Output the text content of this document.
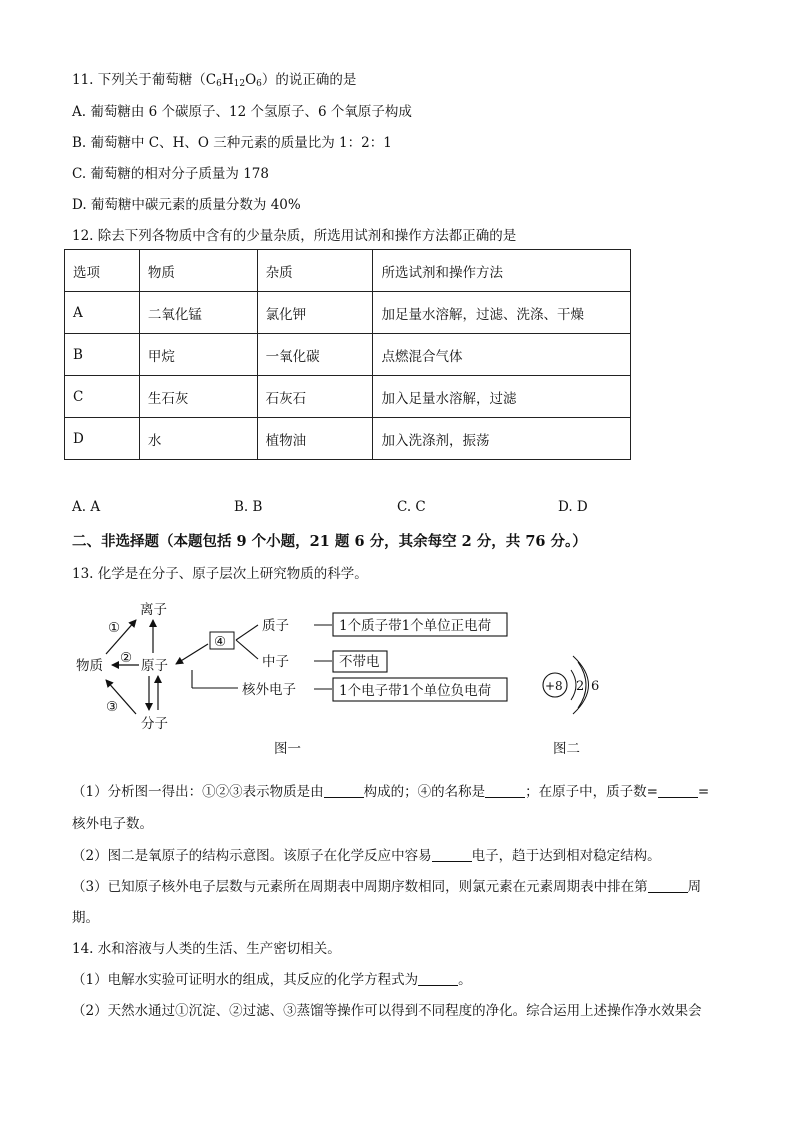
11. 下列关于葡萄糖$(C_6H_{12}O_6)$的说正确的是
A. 葡萄糖由 6 个碳原子、12 个氢原子、6 个氧原子构成
B. 葡萄糖中 C、H、O 三种元素的质量比为 1：2：1
C. 葡萄糖的相对分子质量为 178
D. 葡萄糖中碳元素的质量分数为 40%
12. 除去下列各物质中含有的少量杂质，所选用试剂和操作方法都正确的是
选项	物质	杂质	所选试剂和操作方法
A	二氧化锰	氯化钾	加足量水溶解，过滤、洗涤、干燥
B	甲烷	一氧化碳	点燃混合气体
C	生石灰	石灰石	加入足量水溶解，过滤
D	水	植物油	加入洗涤剂，振荡
A. A	B. B	C. C	D. D
二、非选择题（本题包括 9 个小题，21 题 6 分，其余每空 2 分，共 76 分。）
13. 化学是在分子、原子层次上研究物质的科学。
离子
物质	原子
分子
①
②
③
④
质子
中子
核外电子
1个质子带1个单位正电荷
不带电
1个电子带1个单位负电荷
图一
+8 2 6
图二
（1）分析图一得出：①②③表示物质是由	构成的；④的名称是	；在原子中，质子数=	=
核外电子数。
（2）图二是氧原子的结构示意图。该原子在化学反应中容易	电子，趋于达到相对稳定结构。
（3）已知原子核外电子层数与元素所在周期表中周期序数相同，则氯元素在元素周期表中排在第	周
期。
14. 水和溶液与人类的生活、生产密切相关。
（1）电解水实验可证明水的组成，其反应的化学方程式为	。
（2）天然水通过①沉淀、②过滤、③蒸馏等操作可以得到不同程度的净化。综合运用上述操作净水效果会
